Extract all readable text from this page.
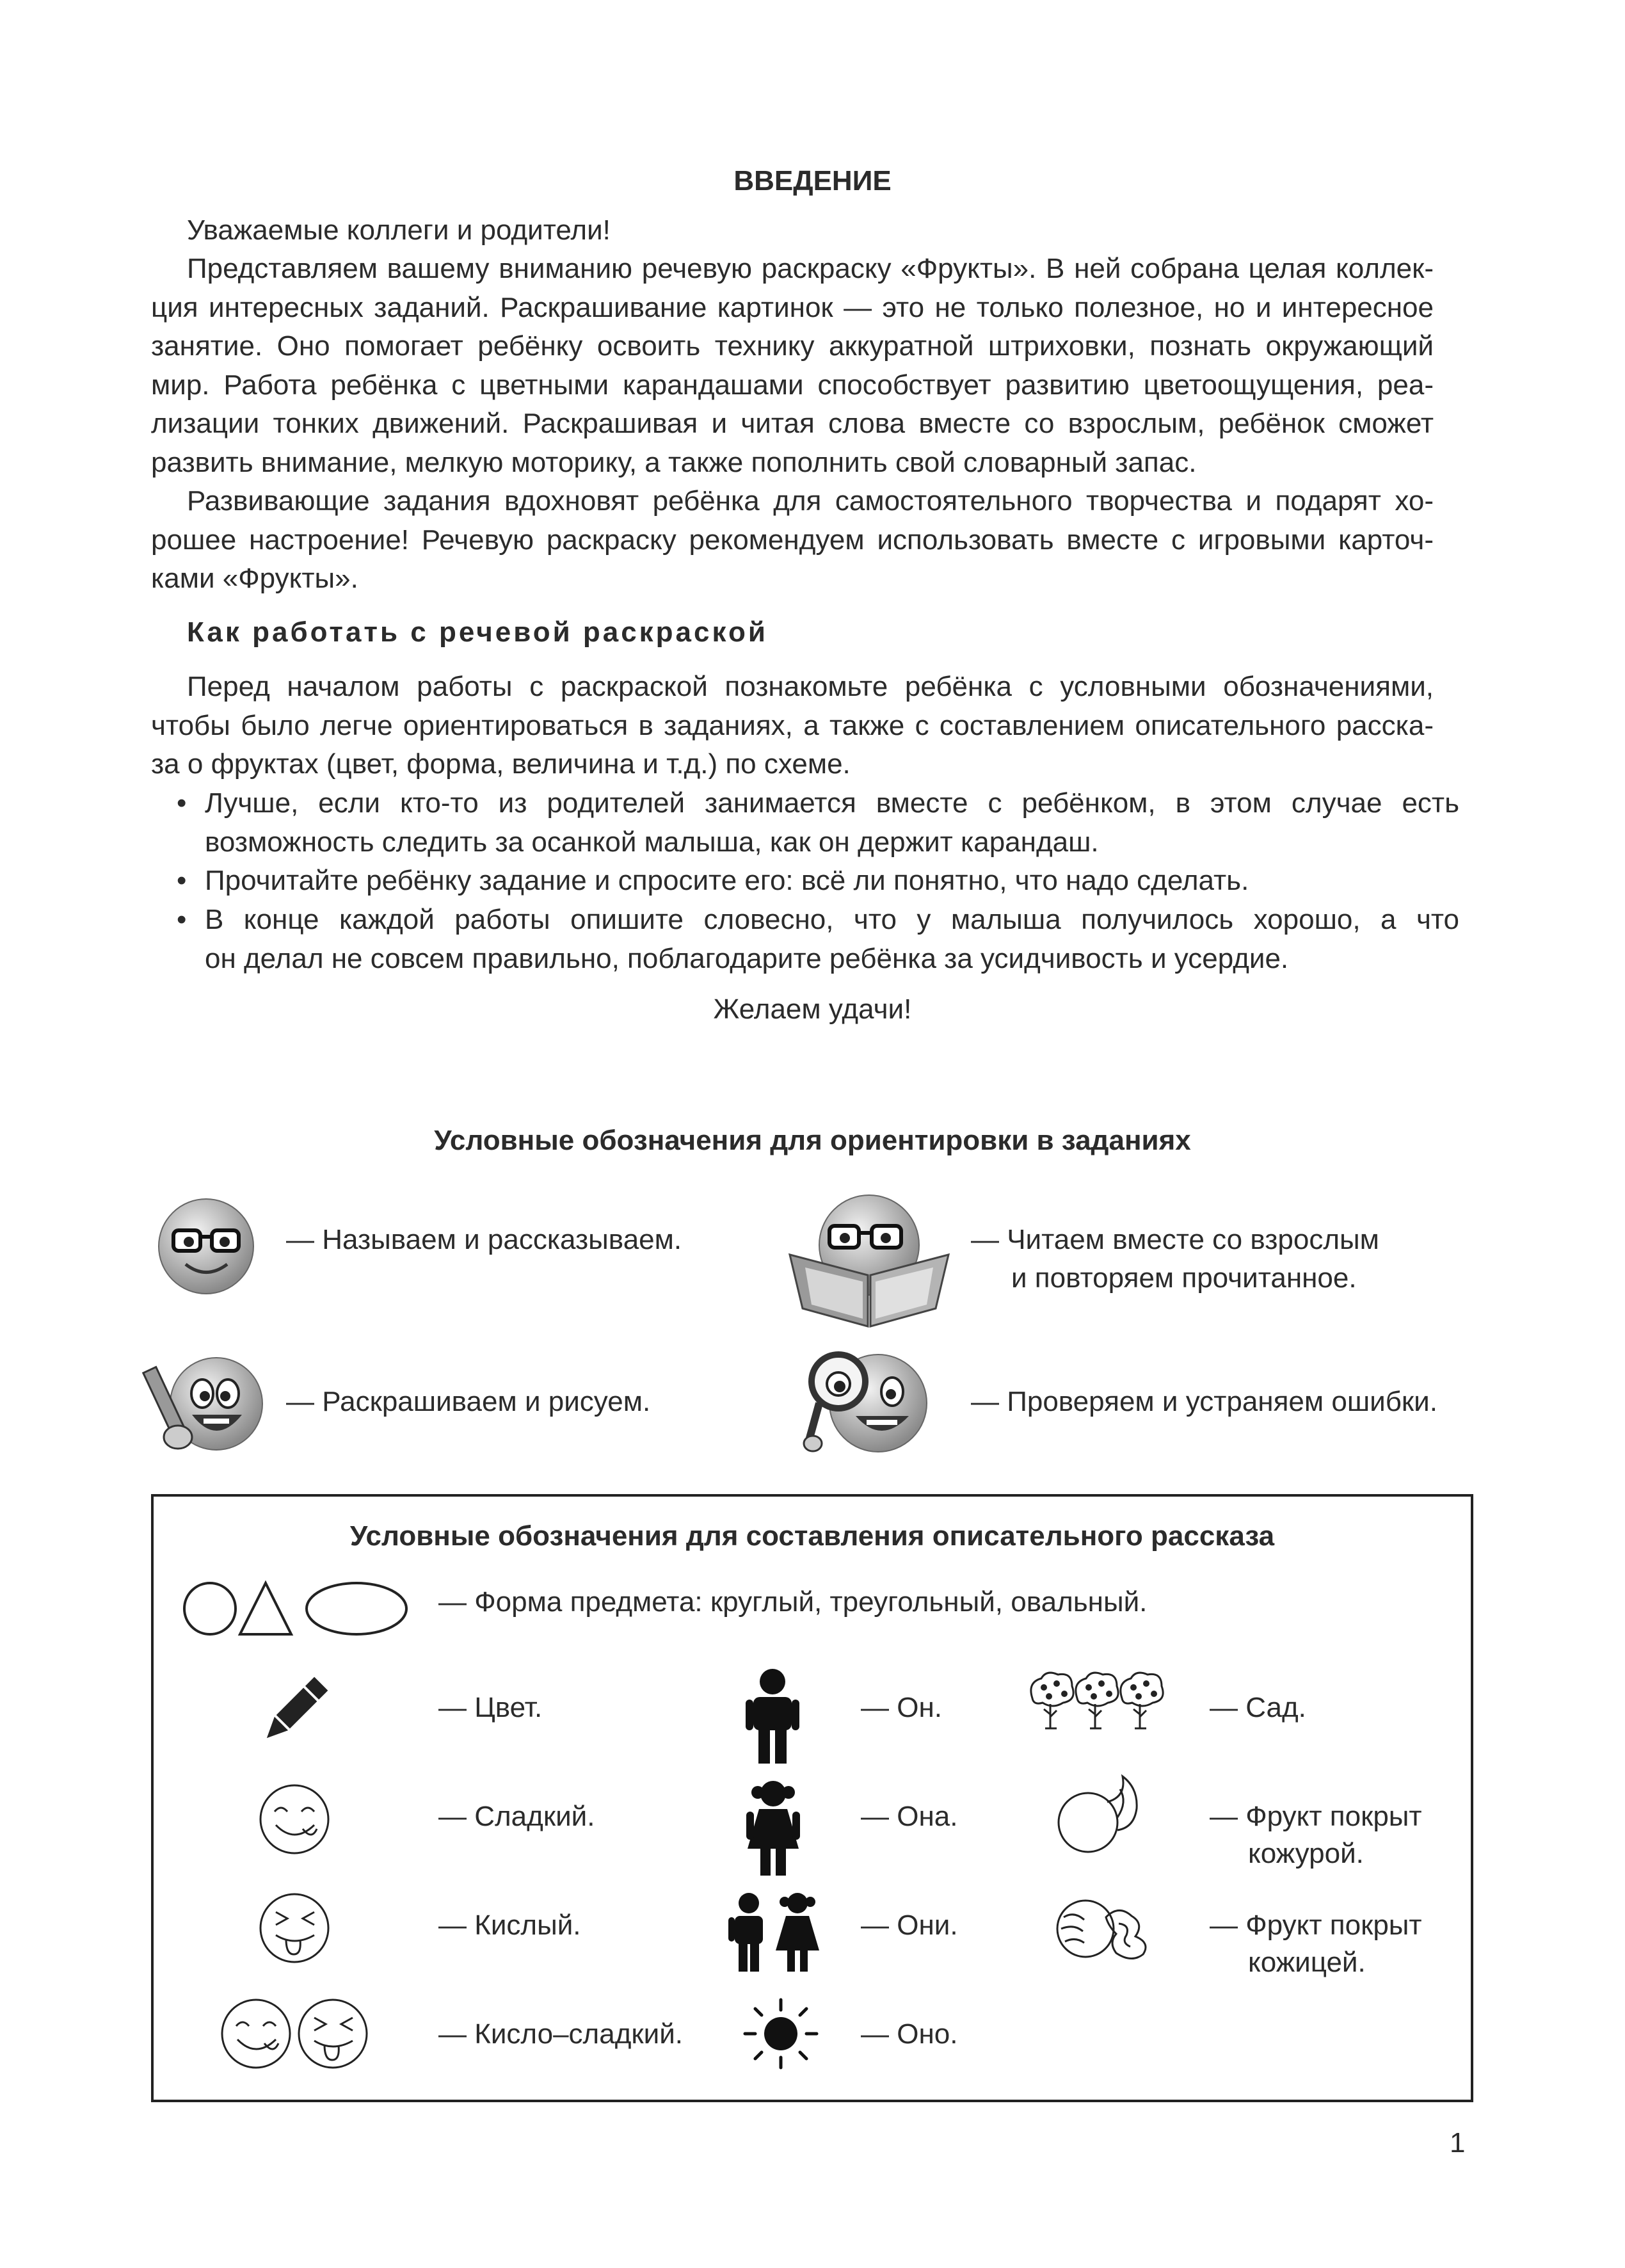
ВВЕДЕНИЕ
Уважаемые коллеги и родители!

Представляем вашему вниманию речевую раскраску «Фрукты». В ней собрана целая коллек-

ция интересных заданий. Раскрашивание картинок — это не только полезное, но и интересное

занятие. Оно помогает ребёнку освоить технику аккуратной штриховки, познать окружающий

мир. Работа ребёнка с цветными карандашами способствует развитию цветоощущения, реа-

лизации тонких движений. Раскрашивая и читая слова вместе со взрослым, ребёнок сможет

развить внимание, мелкую моторику, а также пополнить свой словарный запас.

Развивающие задания вдохновят ребёнка для самостоятельного творчества и подарят хо-

рошее настроение! Речевую раскраску рекомендуем использовать вместе с игровыми карточ-

ками «Фрукты».

Как работать с речевой раскраской

Перед началом работы с раскраской познакомьте ребёнка с условными обозначениями,

чтобы было легче ориентироваться в заданиях, а также с составлением описательного расска-

за о фруктах (цвет, форма, величина и т.д.) по схеме.

• Лучше, если кто-то из родителей занимается вместе с ребёнком, в этом случае есть

возможность следить за осанкой малыша, как он держит карандаш.

• Прочитайте ребёнку задание и спросите его: всё ли понятно, что надо сделать.

• В конце каждой работы опишите словесно, что у малыша получилось хорошо, а что

он делал не совсем правильно, поблагодарите ребёнка за усидчивость и усердие.

Желаем удачи!
Условные обозначения для ориентировки в заданиях
— Называем и рассказываем.	— Читаем вместе со взрослым
и повторяем прочитанное.
— Раскрашиваем и рисуем.	— Проверяем и устраняем ошибки.
Условные обозначения для составления описательного рассказа
— Форма предмета: круглый, треугольный, овальный.
— Цвет.	— Он.	— Сад.
— Сладкий.	— Она.	— Фрукт покрыт
кожурой.
— Кислый.	— Они.	— Фрукт покрыт
кожицей.
— Кисло–сладкий.	— Оно.
1
